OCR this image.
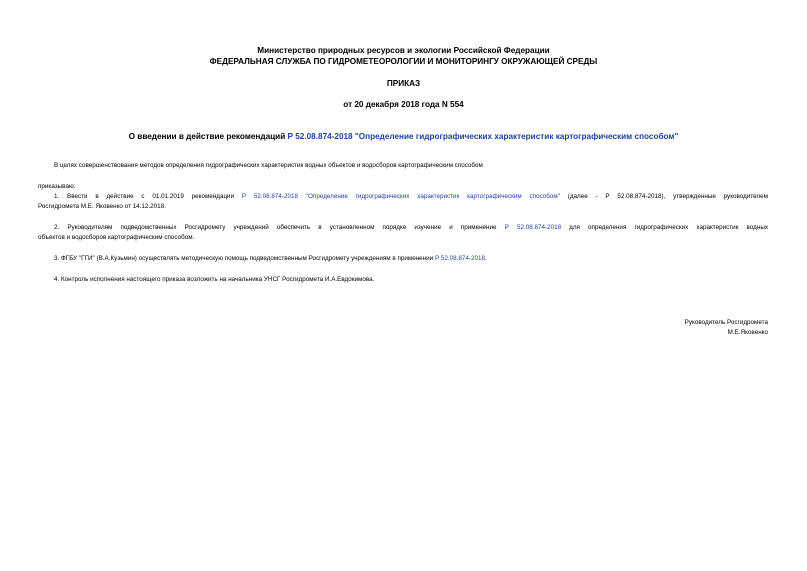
Министерство природных ресурсов и экологии Российской Федерации
ФЕДЕРАЛЬНАЯ СЛУЖБА ПО ГИДРОМЕТЕОРОЛОГИИ И МОНИТОРИНГУ ОКРУЖАЮЩЕЙ СРЕДЫ
ПРИКАЗ
от 20 декабря 2018 года N 554
О введении в действие рекомендаций Р 52.08.874-2018 "Определение гидрографических характеристик картографическим способом"
В целях совершенствования методов определения гидрографических характеристик водных объектов и водосборов картографическим способом
приказываю:
1. Ввести в действие с 01.01.2019 рекомендации Р 52.08.874-2018 "Определение гидрографических характеристик картографическим способом" (далее - Р 52.08.874-2018), утвержденные руководителем
Росгидромета М.Е. Яковенко от 14.12.2018.
2. Руководителям подведомственных Росгидромету учреждений обеспечить в установленном порядке изучение и применение Р 52.08.874-2018 для определения гидрографических характеристик водных
объектов и водосборов картографическим способом.
3. ФГБУ "ГГИ" (В.А.Кузьмин) осуществлять методическую помощь подведомственным Росгидромету учреждениям в применении Р 52.08.874-2018.
4. Контроль исполнения настоящего приказа возложить на начальника УНСГ Росгидромета И.А.Евдокимова.
Руководитель Росгидромета
М.Е.Яковенко
